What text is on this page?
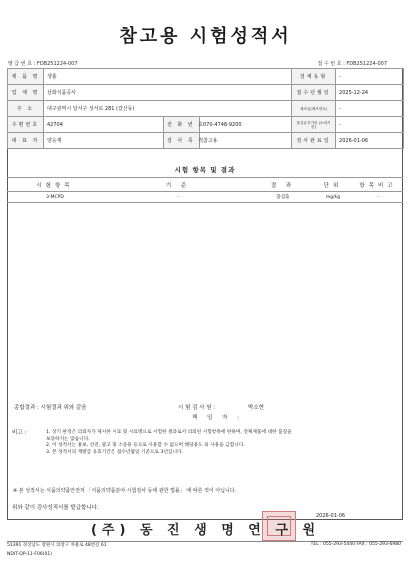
참고용 시험성적서
발 급 번 호 : FDB251224-007	접 수 번 호 : FDB251224-007
제 품 명	생톨			검체유형	-
업 체 명	삼화식품공사			접수년월일	2025-12-24
주 소	대구광역시 달서구 성서로 281 (갈산동)			제조일(제조번호)	-
우편번호	42704	전 화 번 호	070-4748-9200	품질유지기한 (소비기한)	-
대 표 자	양승재	검 사 목 적	참고용	검사완료일	2026-01-06
시험 항목 및 결과
시험항목	기 준	결 과	단위	항목비고
3-MCPD	-	불검출	mg/kg	-
종합결과 : 시험결과 위와 같음	시 험 검 사 원 :	박소현
책 임 자 :
비고 :	1. 상기 판정은 의뢰자가 제시한 시료 및 시료명으로 시험한 결과로서 의뢰된 시험항목에 한하며, 전체제품에 대한 품질을
보증하지는 않습니다.
2. 이 성적서는 홍보, 선전, 광고 및 소송용 등으로 사용할 수 없으며 해당용도 외 사용을 금합니다.
3. 본 성적서의 재발급 유효기간은 접수년월일 기준으로 3년입니다.
※ 본 성적서는 식품의약품안전처 「식품의약품분야 시험검사 등에 관한 법률」 에 따른 것이 아닙니다.
위와 같이 검사성적서를 발급합니다.
(주) 동 진 생 명 연 구 원
2026-01-06
51391 경상남도 창원시 의창구 차룡로 48번길 61	TEL : 055-293-5440 FAX : 055-293-6980
NDIT-QP-11-F06(01)
